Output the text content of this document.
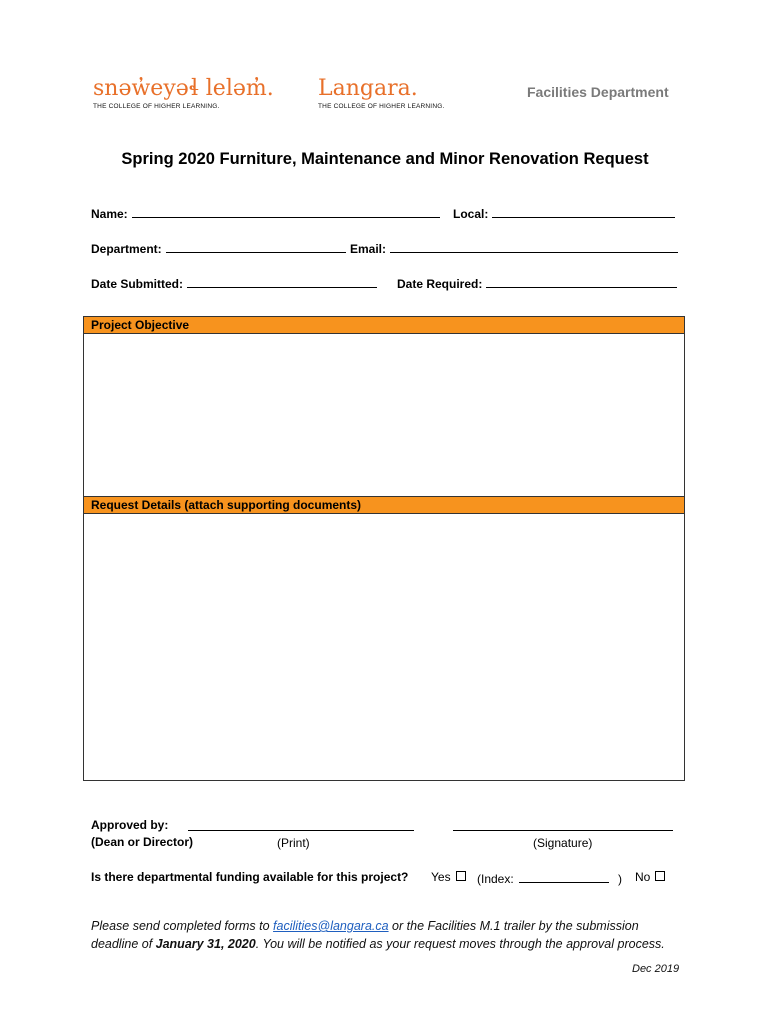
snəw̓eyəɬ leləm̓.
THE COLLEGE OF HIGHER LEARNING.
Langara.
THE COLLEGE OF HIGHER LEARNING.
Facilities Department
Spring 2020 Furniture, Maintenance and Minor Renovation Request
Name:	Local:
Department:	Email:
Date Submitted:	Date Required:
Project Objective
Request Details (attach supporting documents)
Approved by:
(Dean or Director)	(Print)	(Signature)
Is there departmental funding available for this project? Yes	(Index:	) No
Please send completed forms to facilities@langara.ca or the Facilities M.1 trailer by the submission
deadline of January 31, 2020. You will be notified as your request moves through the approval process.
Dec 2019
